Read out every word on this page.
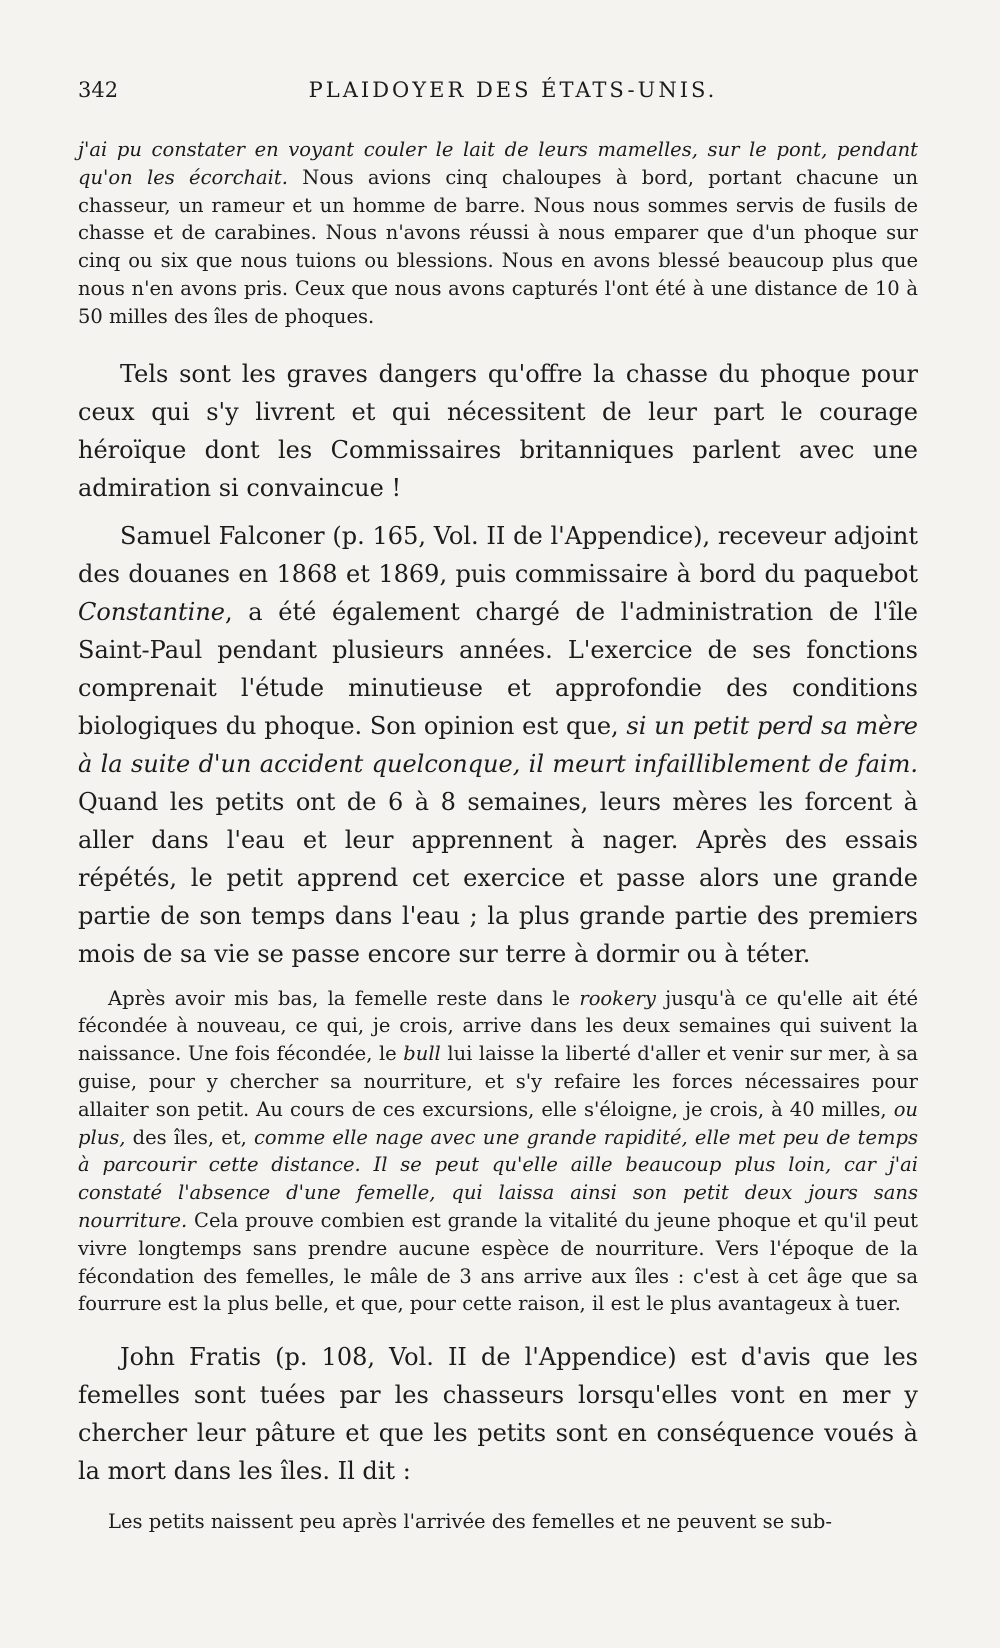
342	PLAIDOYER DES ÉTATS-UNIS.

j'ai pu constater en voyant couler le lait de leurs mamelles, sur le pont, pendant qu'on les écorchait. Nous avions cinq chaloupes à bord, portant chacune un chasseur, un rameur et un homme de barre. Nous nous sommes servis de fusils de chasse et de carabines. Nous n'avons réussi à nous emparer que d'un phoque sur cinq ou six que nous tuions ou blessions. Nous en avons blessé beaucoup plus que nous n'en avons pris. Ceux que nous avons capturés l'ont été à une distance de 10 à 50 milles des îles de phoques.

Tels sont les graves dangers qu'offre la chasse du phoque pour ceux qui s'y livrent et qui nécessitent de leur part le courage héroïque dont les Commissaires britanniques parlent avec une admiration si convaincue !

Samuel Falconer (p. 165, Vol. II de l'Appendice), receveur adjoint des douanes en 1868 et 1869, puis commissaire à bord du paquebot Constantine, a été également chargé de l'administration de l'île Saint-Paul pendant plusieurs années. L'exercice de ses fonctions comprenait l'étude minutieuse et approfondie des conditions biologiques du phoque. Son opinion est que, si un petit perd sa mère à la suite d'un accident quelconque, il meurt infailliblement de faim. Quand les petits ont de 6 à 8 semaines, leurs mères les forcent à aller dans l'eau et leur apprennent à nager. Après des essais répétés, le petit apprend cet exercice et passe alors une grande partie de son temps dans l'eau ; la plus grande partie des premiers mois de sa vie se passe encore sur terre à dormir ou à téter.

Après avoir mis bas, la femelle reste dans le rookery jusqu'à ce qu'elle ait été fécondée à nouveau, ce qui, je crois, arrive dans les deux semaines qui suivent la naissance. Une fois fécondée, le bull lui laisse la liberté d'aller et venir sur mer, à sa guise, pour y chercher sa nourriture, et s'y refaire les forces nécessaires pour allaiter son petit. Au cours de ces excursions, elle s'éloigne, je crois, à 40 milles, ou plus, des îles, et, comme elle nage avec une grande rapidité, elle met peu de temps à parcourir cette distance. Il se peut qu'elle aille beaucoup plus loin, car j'ai constaté l'absence d'une femelle, qui laissa ainsi son petit deux jours sans nourriture. Cela prouve combien est grande la vitalité du jeune phoque et qu'il peut vivre longtemps sans prendre aucune espèce de nourriture. Vers l'époque de la fécondation des femelles, le mâle de 3 ans arrive aux îles : c'est à cet âge que sa fourrure est la plus belle, et que, pour cette raison, il est le plus avantageux à tuer.

John Fratis (p. 108, Vol. II de l'Appendice) est d'avis que les femelles sont tuées par les chasseurs lorsqu'elles vont en mer y chercher leur pâture et que les petits sont en conséquence voués à la mort dans les îles. Il dit :

Les petits naissent peu après l'arrivée des femelles et ne peuvent se sub-
